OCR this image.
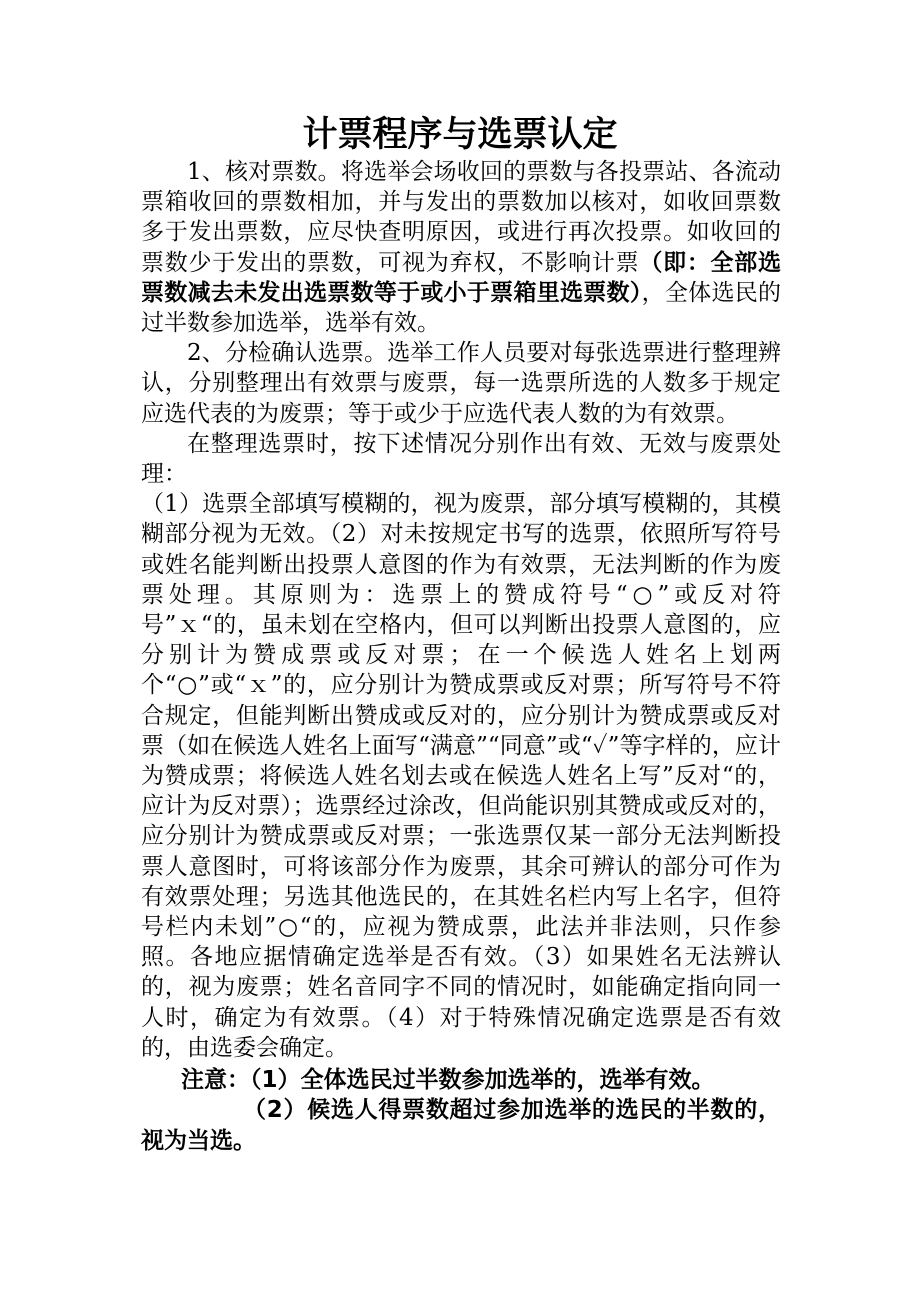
计票程序与选票认定

1、核对票数。将选举会场收回的票数与各投票站、各流动票箱收回的票数相加，并与发出的票数加以核对，如收回票数多于发出票数，应尽快查明原因，或进行再次投票。如收回的票数少于发出的票数，可视为弃权，不影响计票（即：全部选票数减去未发出选票数等于或小于票箱里选票数），全体选民的过半数参加选举，选举有效。

2、分检确认选票。选举工作人员要对每张选票进行整理辨认，分别整理出有效票与废票，每一选票所选的人数多于规定应选代表的为废票；等于或少于应选代表人数的为有效票。

在整理选票时，按下述情况分别作出有效、无效与废票处理：

（1）选票全部填写模糊的，视为废票，部分填写模糊的，其模糊部分视为无效。（2）对未按规定书写的选票，依照所写符号或姓名能判断出投票人意图的作为有效票，无法判断的作为废票处理。其原则为：选票上的赞成符号“○”或反对符号”ｘ“的，虽未划在空格内，但可以判断出投票人意图的，应分别计为赞成票或反对票；在一个候选人姓名上划两个“○”或“ｘ”的，应分别计为赞成票或反对票；所写符号不符合规定，但能判断出赞成或反对的，应分别计为赞成票或反对票（如在候选人姓名上面写“满意”“同意”或“✓”等字样的，应计为赞成票；将候选人姓名划去或在候选人姓名上写”反对“的，应计为反对票）；选票经过涂改，但尚能识别其赞成或反对的，应分别计为赞成票或反对票；一张选票仅某一部分无法判断投票人意图时，可将该部分作为废票，其余可辨认的部分可作为有效票处理；另选其他选民的，在其姓名栏内写上名字，但符号栏内未划”○“的，应视为赞成票，此法并非法则，只作参照。各地应据情确定选举是否有效。（3）如果姓名无法辨认的，视为废票；姓名音同字不同的情况时，如能确定指向同一人时，确定为有效票。（4）对于特殊情况确定选票是否有效的，由选委会确定。

注意：（1）全体选民过半数参加选举的，选举有效。
（2）候选人得票数超过参加选举的选民的半数的，视为当选。
